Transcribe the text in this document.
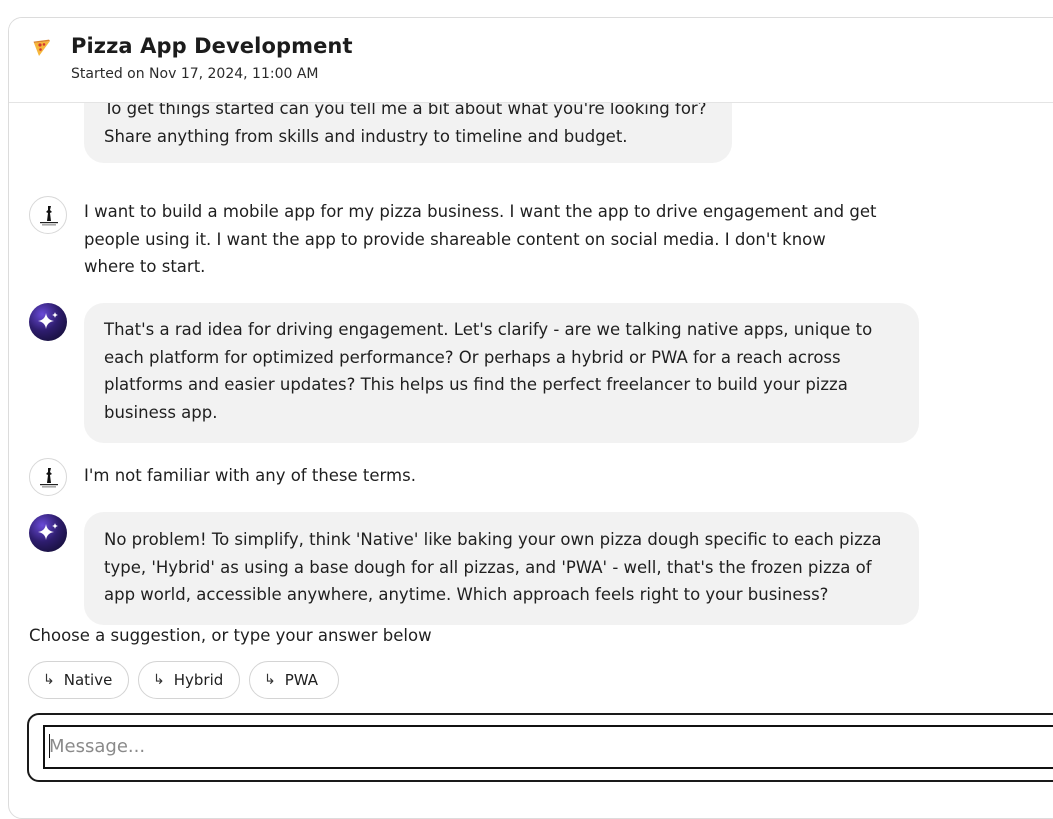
Pizza App Development
Started on Nov 17, 2024, 11:00 AM
To get things started can you tell me a bit about what you're looking for?
Share anything from skills and industry to timeline and budget.
I want to build a mobile app for my pizza business. I want the app to drive engagement and get
people using it. I want the app to provide shareable content on social media. I don't know
where to start.
That's a rad idea for driving engagement. Let's clarify - are we talking native apps, unique to
each platform for optimized performance? Or perhaps a hybrid or PWA for a reach across
platforms and easier updates? This helps us find the perfect freelancer to build your pizza
business app.
I'm not familiar with any of these terms.
No problem! To simplify, think 'Native' like baking your own pizza dough specific to each pizza
type, 'Hybrid' as using a base dough for all pizzas, and 'PWA' - well, that's the frozen pizza of
app world, accessible anywhere, anytime. Which approach feels right to your business?
Choose a suggestion, or type your answer below
↳ Native	↳ Hybrid	↳ PWA
Message...
